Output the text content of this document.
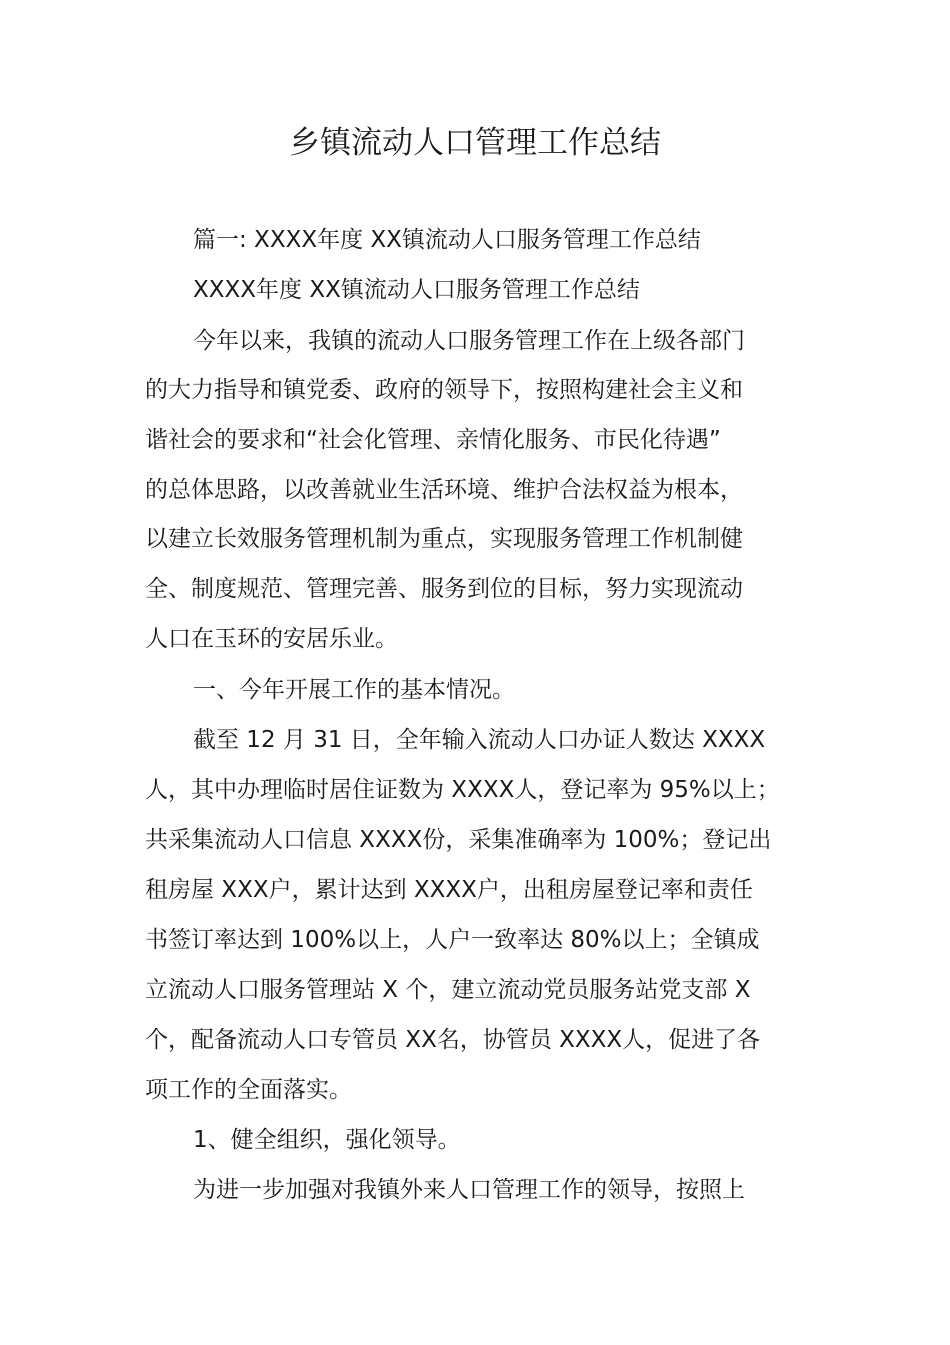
乡镇流动人口管理工作总结
篇一: XXXX年度 XX镇流动人口服务管理工作总结
XXXX年度 XX镇流动人口服务管理工作总结
今年以来，我镇的流动人口服务管理工作在上级各部门
的大力指导和镇党委、政府的领导下，按照构建社会主义和
谐社会的要求和“社会化管理、亲情化服务、市民化待遇”
的总体思路，以改善就业生活环境、维护合法权益为根本，
以建立长效服务管理机制为重点，实现服务管理工作机制健
全、制度规范、管理完善、服务到位的目标，努力实现流动
人口在玉环的安居乐业。
一、今年开展工作的基本情况。
截至 12 月 31 日，全年输入流动人口办证人数达 XXXX
人，其中办理临时居住证数为 XXXX人，登记率为 95%以上；
共采集流动人口信息 XXXX份，采集准确率为 100%；登记出
租房屋 XXX户，累计达到 XXXX户，出租房屋登记率和责任
书签订率达到 100%以上，人户一致率达 80%以上；全镇成
立流动人口服务管理站 X 个，建立流动党员服务站党支部 X
个，配备流动人口专管员 XX名，协管员 XXXX人，促进了各
项工作的全面落实。
1、健全组织，强化领导。
为进一步加强对我镇外来人口管理工作的领导，按照上
